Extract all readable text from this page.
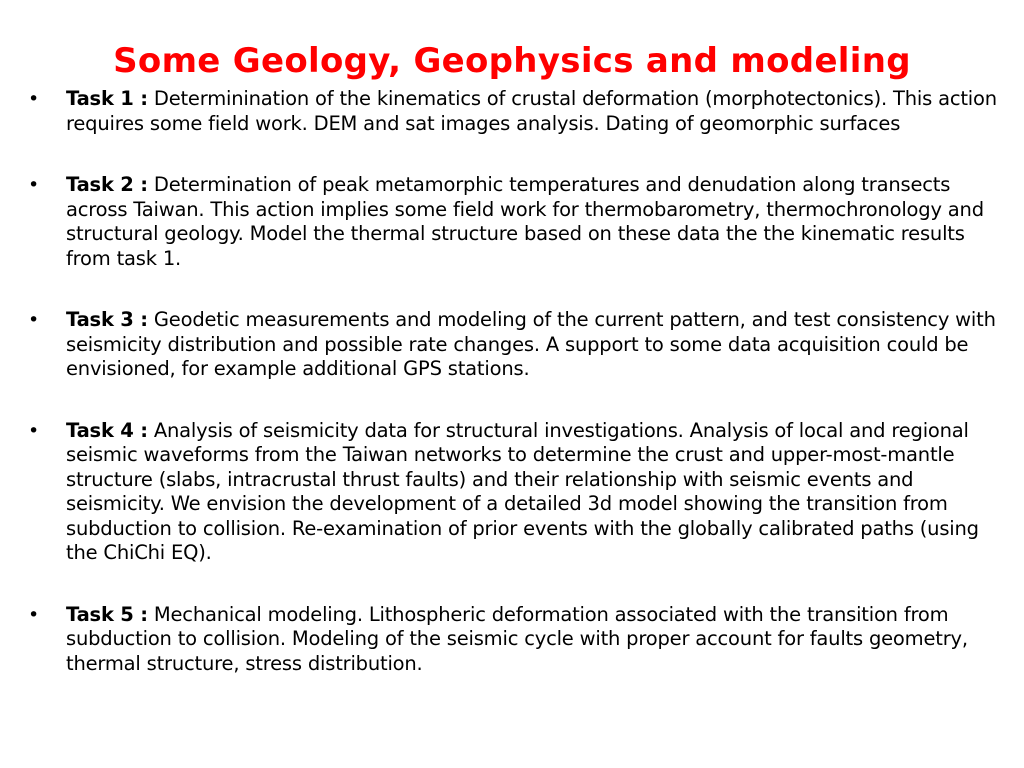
Some Geology, Geophysics and modeling
• Task 1 : Determinination of the kinematics of crustal deformation (morphotectonics). This action requires some field work. DEM and sat images analysis. Dating of geomorphic surfaces
• Task 2 : Determination of peak metamorphic temperatures and denudation along transects across Taiwan. This action implies some field work for thermobarometry, thermochronology and structural geology. Model the thermal structure based on these data the the kinematic results from task 1.
• Task 3 : Geodetic measurements and modeling of the current pattern, and test consistency with seismicity distribution and possible rate changes. A support to some data acquisition could be envisioned, for example additional GPS stations.
• Task 4 : Analysis of seismicity data for structural investigations. Analysis of local and regional seismic waveforms from the Taiwan networks to determine the crust and upper-most-mantle structure (slabs, intracrustal thrust faults) and their relationship with seismic events and seismicity. We envision the development of a detailed 3d model showing the transition from subduction to collision. Re-examination of prior events with the globally calibrated paths (using the ChiChi EQ).
• Task 5 : Mechanical modeling. Lithospheric deformation associated with the transition from subduction to collision. Modeling of the seismic cycle with proper account for faults geometry, thermal structure, stress distribution.
